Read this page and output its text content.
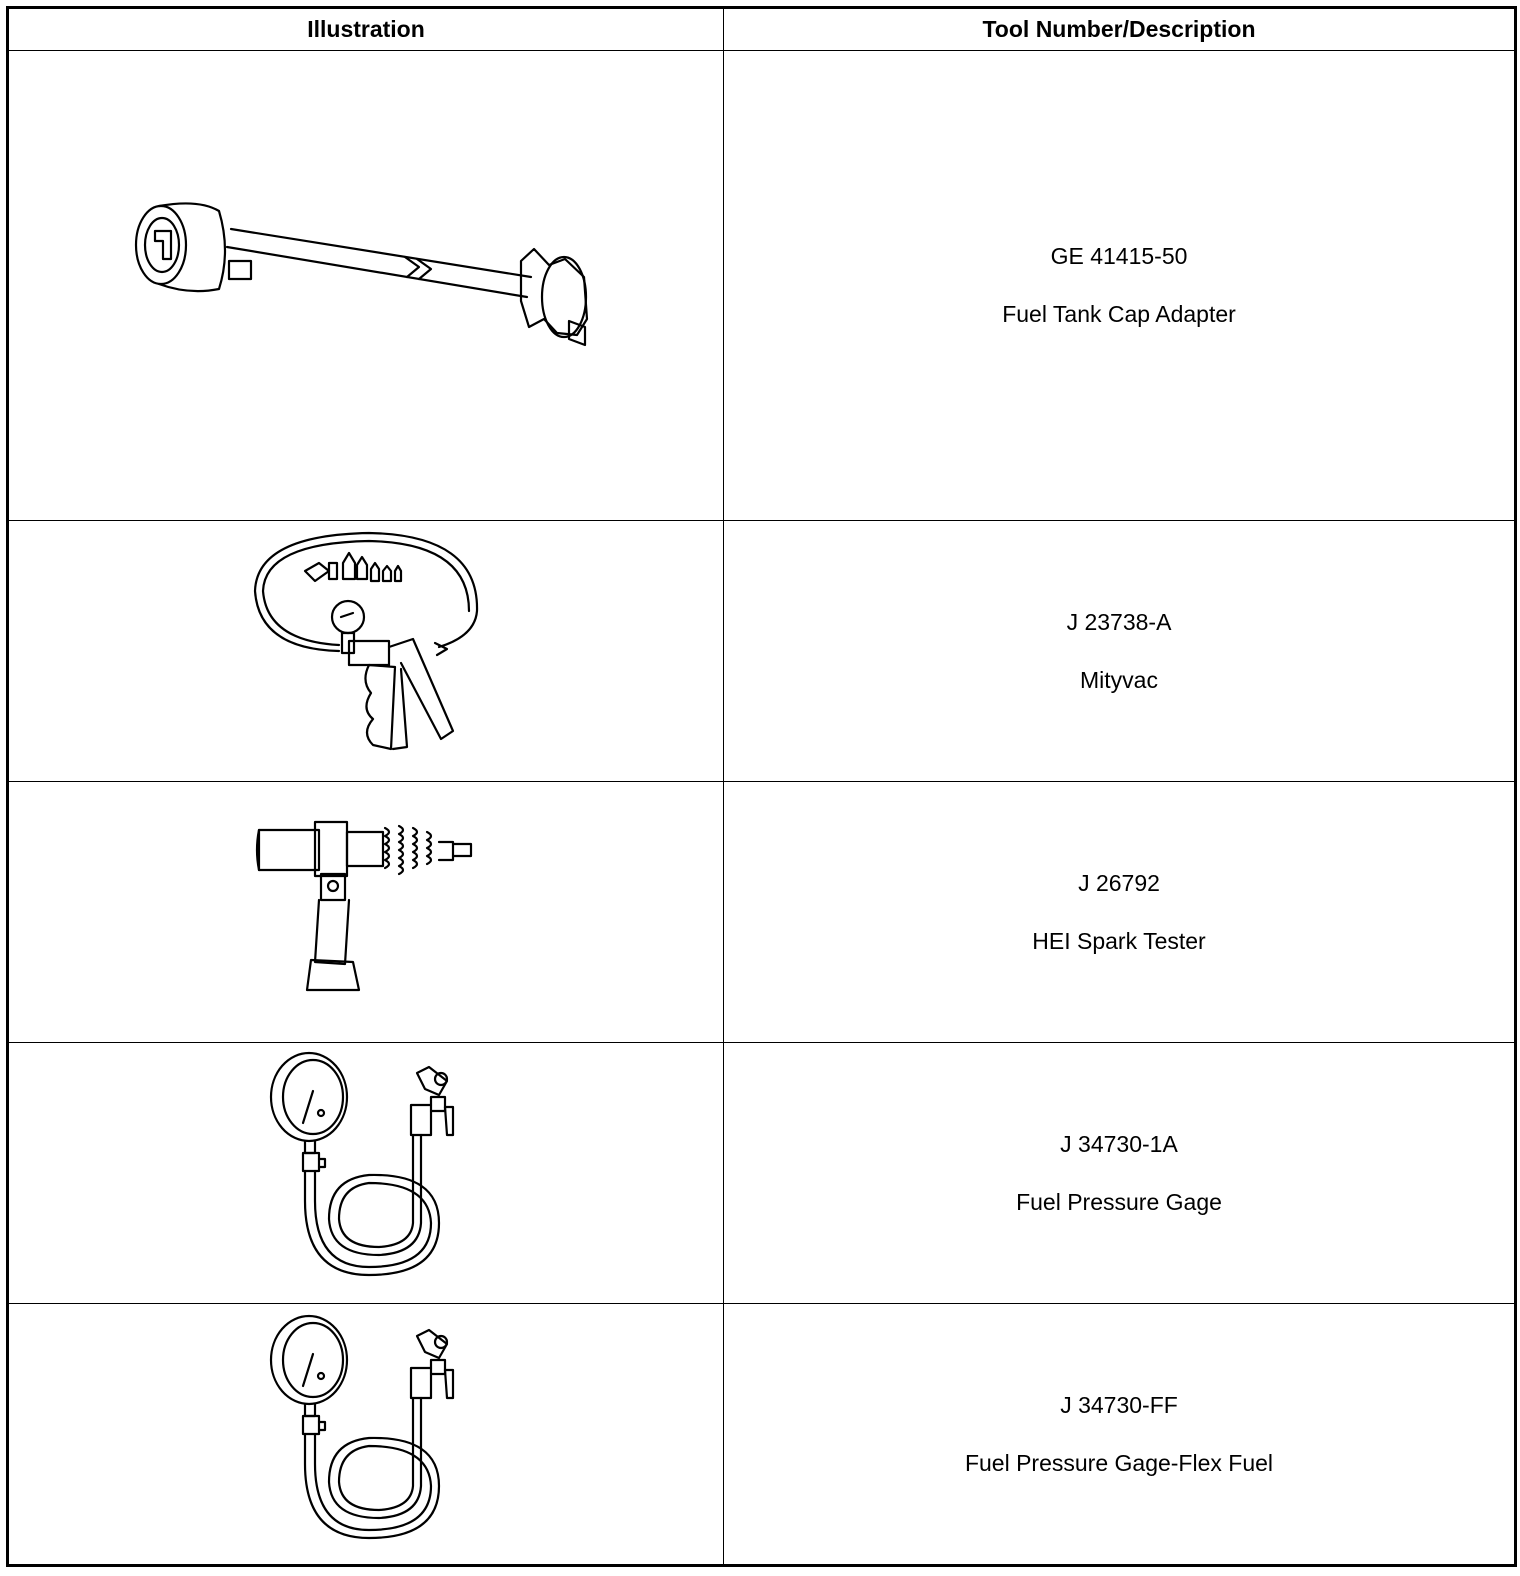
Illustration	Tool Number/Description

GE 41415-50
Fuel Tank Cap Adapter

J 23738-A
Mityvac

J 26792
HEI Spark Tester

J 34730-1A
Fuel Pressure Gage

J 34730-FF
Fuel Pressure Gage-Flex Fuel
